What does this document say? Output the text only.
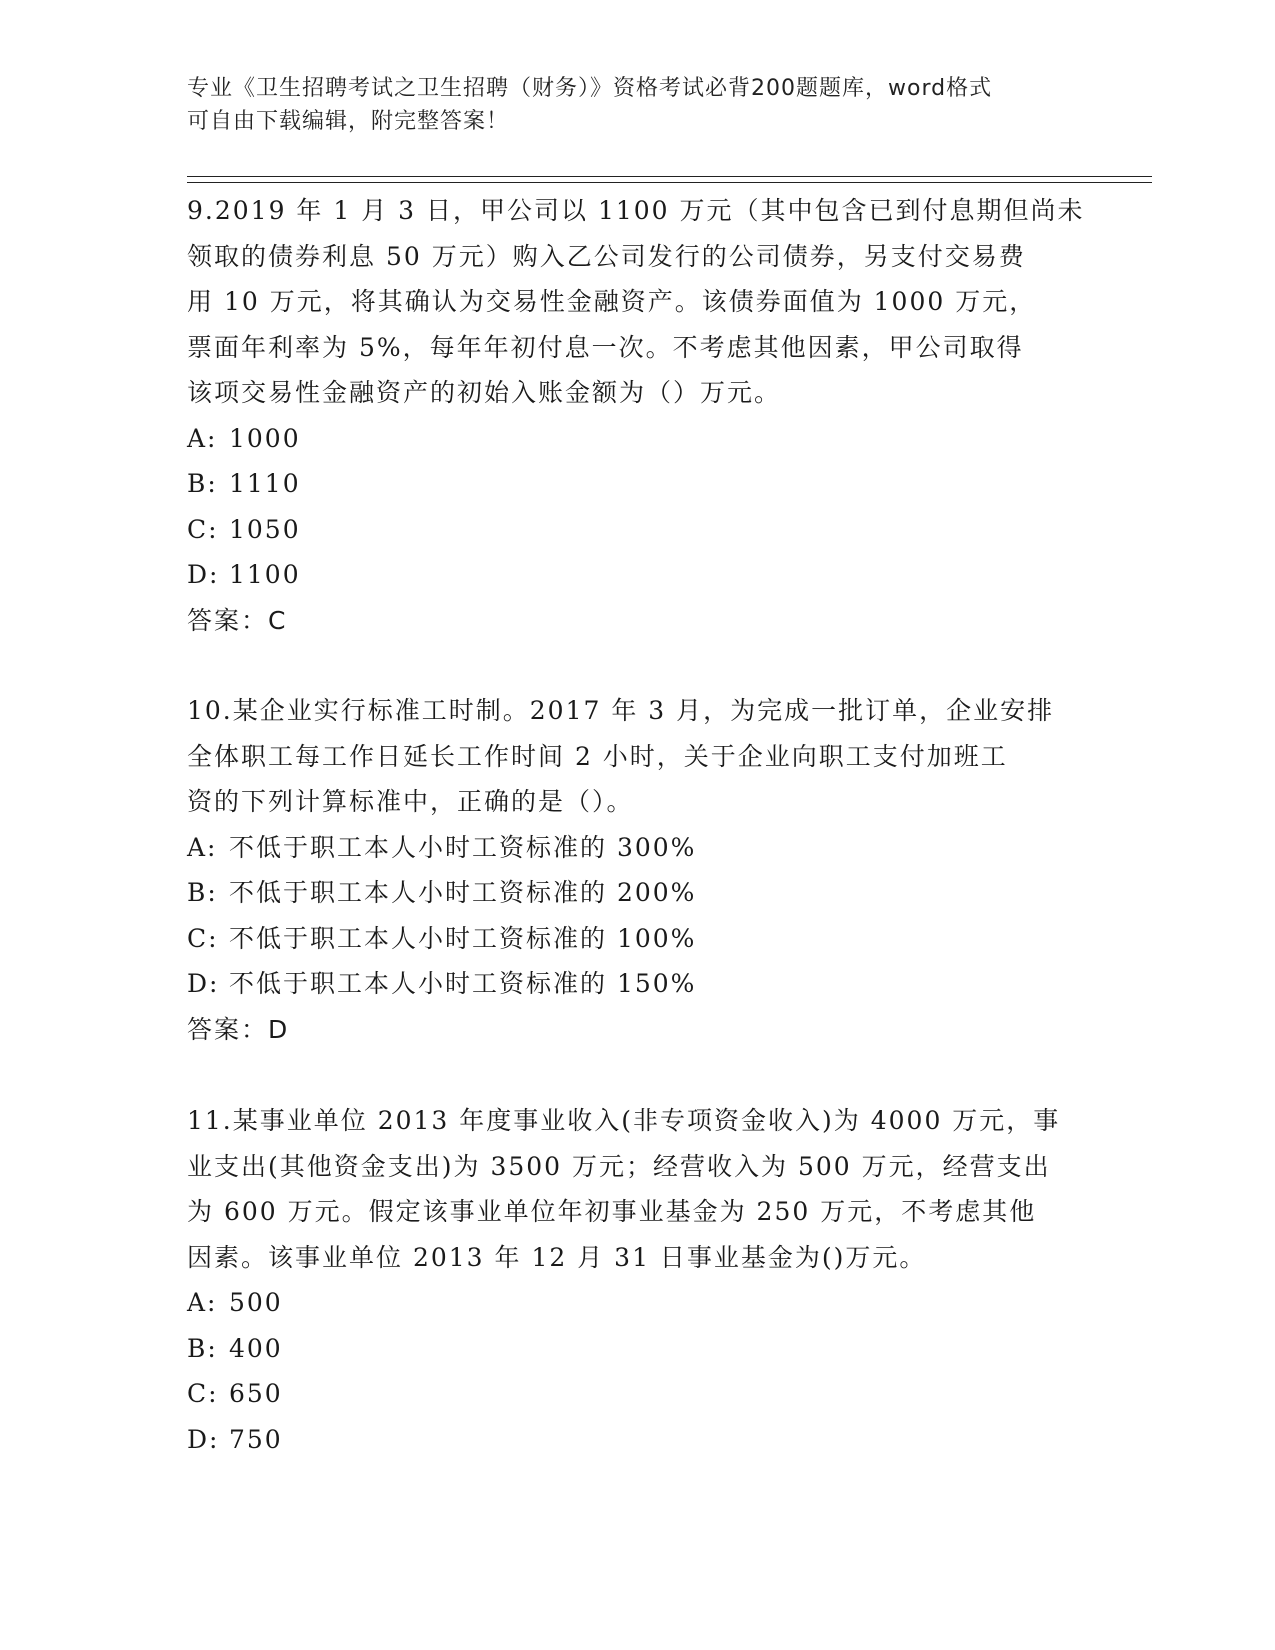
专业《卫生招聘考试之卫生招聘（财务）》资格考试必背200题题库，word格式
可自由下载编辑，附完整答案！

9.2019 年 1 月 3 日，甲公司以 1100 万元（其中包含已到付息期但尚未

领取的债券利息 50 万元）购入乙公司发行的公司债券，另支付交易费

用 10 万元，将其确认为交易性金融资产。该债券面值为 1000 万元，

票面年利率为 5%，每年年初付息一次。不考虑其他因素，甲公司取得

该项交易性金融资产的初始入账金额为（）万元。

A: 1000

B: 1110

C: 1050

D: 1100

答案：C

10.某企业实行标准工时制。2017 年 3 月，为完成一批订单，企业安排

全体职工每工作日延长工作时间 2 小时，关于企业向职工支付加班工

资的下列计算标准中，正确的是（）。

A: 不低于职工本人小时工资标准的 300%

B: 不低于职工本人小时工资标准的 200%

C: 不低于职工本人小时工资标准的 100%

D: 不低于职工本人小时工资标准的 150%

答案：D

11.某事业单位 2013 年度事业收入(非专项资金收入)为 4000 万元，事

业支出(其他资金支出)为 3500 万元；经营收入为 500 万元，经营支出

为 600 万元。假定该事业单位年初事业基金为 250 万元，不考虑其他

因素。该事业单位 2013 年 12 月 31 日事业基金为()万元。

A: 500

B: 400

C: 650

D: 750
